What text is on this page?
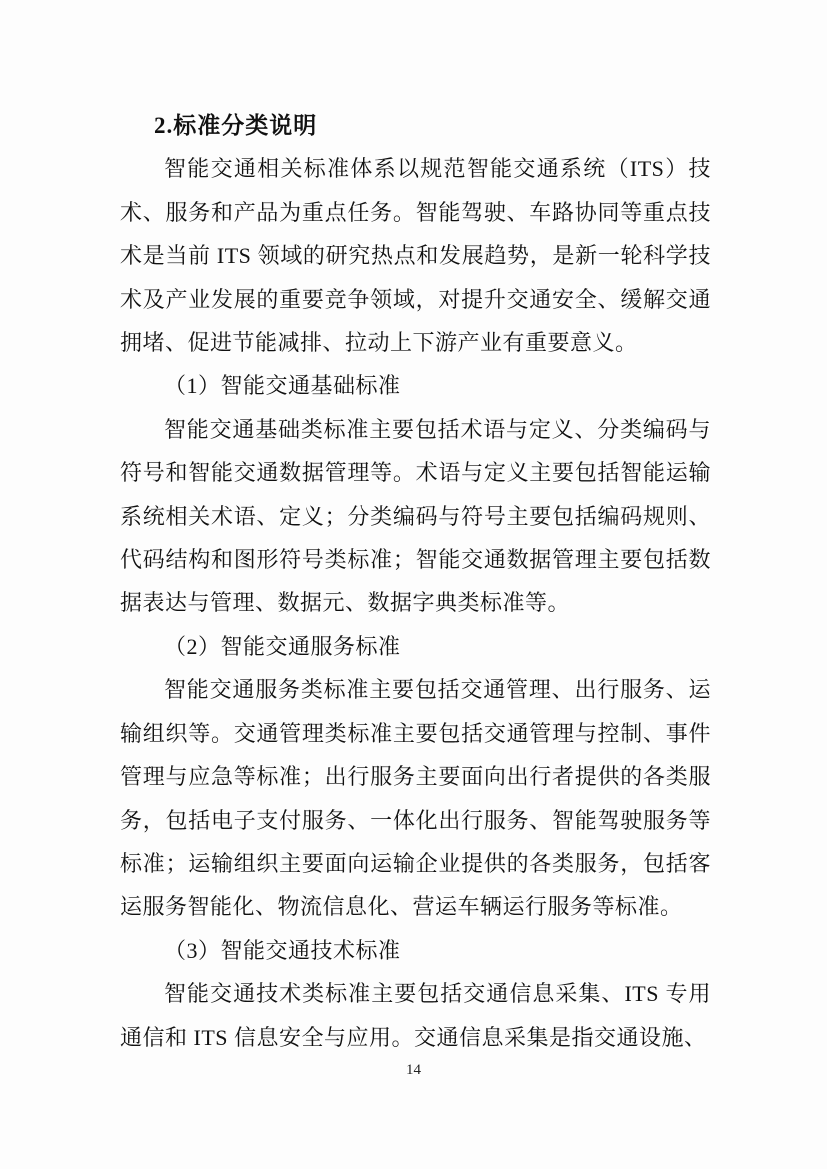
2.标准分类说明

智能交通相关标准体系以规范智能交通系统（ITS）技术、服务和产品为重点任务。智能驾驶、车路协同等重点技术是当前 ITS 领域的研究热点和发展趋势，是新一轮科学技术及产业发展的重要竞争领域，对提升交通安全、缓解交通拥堵、促进节能减排、拉动上下游产业有重要意义。

（1）智能交通基础标准

智能交通基础类标准主要包括术语与定义、分类编码与符号和智能交通数据管理等。术语与定义主要包括智能运输系统相关术语、定义；分类编码与符号主要包括编码规则、代码结构和图形符号类标准；智能交通数据管理主要包括数据表达与管理、数据元、数据字典类标准等。

（2）智能交通服务标准

智能交通服务类标准主要包括交通管理、出行服务、运输组织等。交通管理类标准主要包括交通管理与控制、事件管理与应急等标准；出行服务主要面向出行者提供的各类服务，包括电子支付服务、一体化出行服务、智能驾驶服务等标准；运输组织主要面向运输企业提供的各类服务，包括客运服务智能化、物流信息化、营运车辆运行服务等标准。

（3）智能交通技术标准

智能交通技术类标准主要包括交通信息采集、ITS 专用通信和 ITS 信息安全与应用。交通信息采集是指交通设施、

14
